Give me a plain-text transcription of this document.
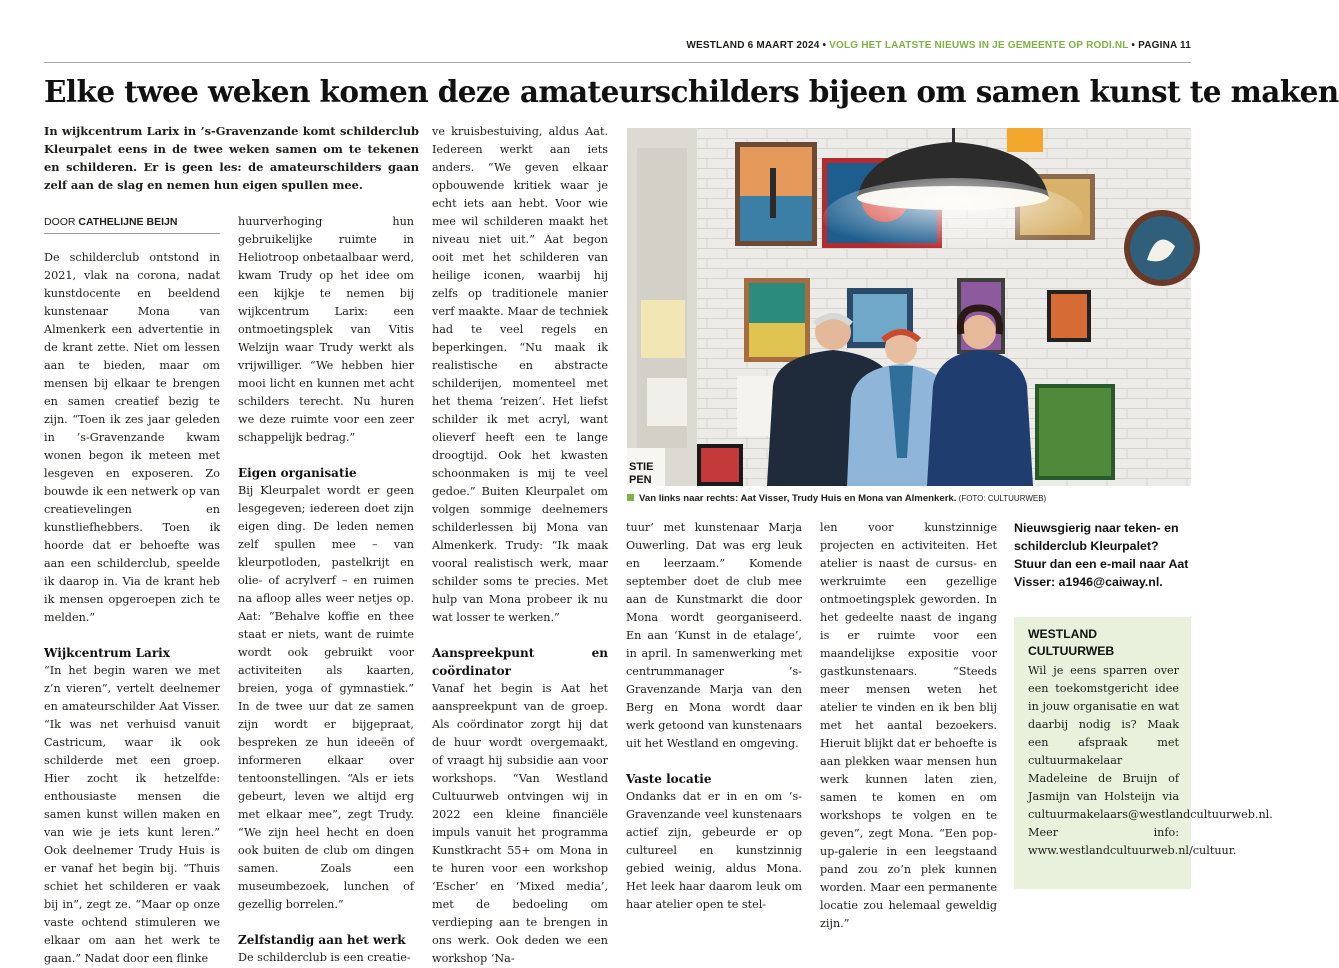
WESTLAND 6 MAART 2024 • VOLG HET LAATSTE NIEUWS IN JE GEMEENTE OP RODI.NL • PAGINA 11
Elke twee weken komen deze amateurschilders bijeen om samen kunst te maken

In wijkcentrum Larix in ’s-Gravenzande komt schilderclub Kleurpalet eens in de twee weken samen om te tekenen en schilderen. Er is geen les: de amateurschilders gaan zelf aan de slag en nemen hun eigen spullen mee.

DOOR CATHELIJNE BEIJN

De schilderclub ontstond in 2021, vlak na corona, nadat kunstdocente en beeldend kunstenaar Mona van Almenkerk een advertentie in de krant zette. Niet om lessen aan te bieden, maar om mensen bij elkaar te brengen en samen creatief bezig te zijn. “Toen ik zes jaar geleden in ’s-Gravenzande kwam wonen begon ik meteen met lesgeven en exposeren. Zo bouwde ik een netwerk op van creatievelingen en kunstliefhebbers. Toen ik hoorde dat er behoefte was aan een schilderclub, speelde ik daarop in. Via de krant heb ik mensen opgeroepen zich te melden.”

Wijkcentrum Larix

“In het begin waren we met z’n vieren”, vertelt deelnemer en amateurschilder Aat Visser. “Ik was net verhuisd vanuit Castricum, waar ik ook schilderde met een groep. Hier zocht ik hetzelfde: enthousiaste mensen die samen kunst willen maken en van wie je iets kunt leren.” Ook deelnemer Trudy Huis is er vanaf het begin bij. “Thuis schiet het schilderen er vaak bij in”, zegt ze. “Maar op onze vaste ochtend stimuleren we elkaar om aan het werk te gaan.” Nadat door een flinke

huurverhoging hun gebruikelijke ruimte in Heliotroop onbetaalbaar werd, kwam Trudy op het idee om een kijkje te nemen bij wijkcentrum Larix: een ontmoetingsplek van Vitis Welzijn waar Trudy werkt als vrijwilliger. “We hebben hier mooi licht en kunnen met acht schilders terecht. Nu huren we deze ruimte voor een zeer schappelijk bedrag.”

Eigen organisatie

Bij Kleurpalet wordt er geen lesgegeven; iedereen doet zijn eigen ding. De leden nemen zelf spullen mee – van kleurpotloden, pastelkrijt en olie- of acrylverf – en ruimen na afloop alles weer netjes op. Aat: “Behalve koffie en thee staat er niets, want de ruimte wordt ook gebruikt voor activiteiten als kaarten, breien, yoga of gymnastiek.” In de twee uur dat ze samen zijn wordt er bijgepraat, bespreken ze hun ideeën of informeren elkaar over tentoonstellingen. “Als er iets gebeurt, leven we altijd erg met elkaar mee”, zegt Trudy. “We zijn heel hecht en doen ook buiten de club om dingen samen. Zoals een museumbezoek, lunchen of gezellig borrelen.”

Zelfstandig aan het werk

De schilderclub is een creatie-

ve kruisbestuiving, aldus Aat. Iedereen werkt aan iets anders. “We geven elkaar opbouwende kritiek waar je echt iets aan hebt. Voor wie mee wil schilderen maakt het niveau niet uit.” Aat begon ooit met het schilderen van heilige iconen, waarbij hij zelfs op traditionele manier verf maakte. Maar de techniek had te veel regels en beperkingen. “Nu maak ik realistische en abstracte schilderijen, momenteel met het thema ‘reizen’. Het liefst schilder ik met acryl, want olieverf heeft een te lange droogtijd. Ook het kwasten schoonmaken is mij te veel gedoe.” Buiten Kleurpalet om volgen sommige deelnemers schilderlessen bij Mona van Almenkerk. Trudy: “Ik maak vooral realistisch werk, maar schilder soms te precies. Met hulp van Mona probeer ik nu wat losser te werken.”

Aanspreekpunt en coördinator

Vanaf het begin is Aat het aanspreekpunt van de groep. Als coördinator zorgt hij dat de huur wordt overgemaakt, of vraagt hij subsidie aan voor workshops. “Van Westland Cultuurweb ontvingen wij in 2022 een kleine financiële impuls vanuit het programma Kunstkracht 55+ om Mona in te huren voor een workshop ‘Escher’ en ‘Mixed media’, met de bedoeling om verdieping aan te brengen in ons werk. Ook deden we een workshop ‘Na-

tuur’ met kunstenaar Marja Ouwerling. Dat was erg leuk en leerzaam.” Komende september doet de club mee aan de Kunstmarkt die door Mona wordt georganiseerd. En aan ‘Kunst in de etalage’, in april. In samenwerking met centrummanager ’s-Gravenzande Marja van den Berg en Mona wordt daar werk getoond van kunstenaars uit het Westland en omgeving.

Vaste locatie

Ondanks dat er in en om ’s-Gravenzande veel kunstenaars actief zijn, gebeurde er op cultureel en kunstzinnig gebied weinig, aldus Mona. Het leek haar daarom leuk om haar atelier open te stel-

len voor kunstzinnige projecten en activiteiten. Het atelier is naast de cursus- en werkruimte een gezellige ontmoetingsplek geworden. In het gedeelte naast de ingang is er ruimte voor een maandelijkse expositie voor gastkunstenaars. “Steeds meer mensen weten het atelier te vinden en ik ben blij met het aantal bezoekers. Hieruit blijkt dat er behoefte is aan plekken waar mensen hun werk kunnen laten zien, samen te komen en om workshops te volgen en te geven”, zegt Mona. “Een pop-up-galerie in een leegstaand pand zou zo’n plek kunnen worden. Maar een permanente locatie zou helemaal geweldig zijn.”

STIE
PEN
Van links naar rechts: Aat Visser, Trudy Huis en Mona van Almenkerk. (FOTO: CULTUURWEB)

Nieuwsgierig naar teken- en schilderclub Kleurpalet? Stuur dan een e-mail naar Aat Visser: a1946@caiway.nl.

WESTLAND CULTUURWEB

Wil je eens sparren over een toekomstgericht idee in jouw organisatie en wat daarbij nodig is? Maak een afspraak met cultuurmakelaar Madeleine de Bruijn of Jasmijn van Holsteijn via cultuurmakelaars@westlandcultuurweb.nl. Meer info: www.westlandcultuurweb.nl/cultuur.
